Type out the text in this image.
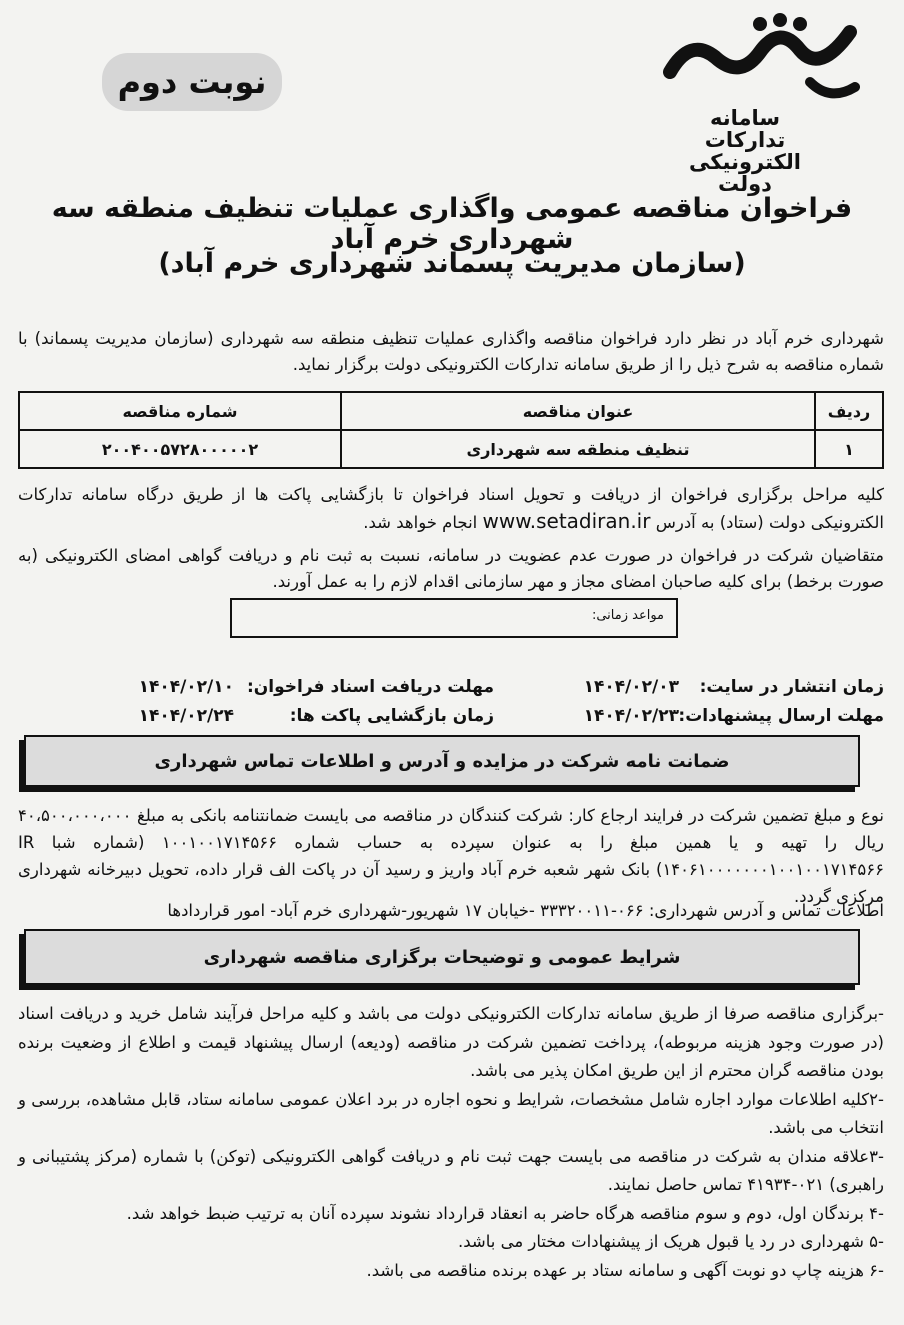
سامانه
تدارکات
الکترونیکی
دولت
نوبت دوم
فراخوان مناقصه عمومی واگذاری عملیات تنظیف منطقه سه شهرداری خرم آباد
(سازمان مدیریت پسماند شهرداری خرم آباد)
شهرداری خرم آباد در نظر دارد فراخوان مناقصه واگذاری عملیات تنظیف منطقه سه شهرداری (سازمان مدیریت پسماند) با شماره مناقصه به شرح ذیل را از طریق سامانه تدارکات الکترونیکی دولت برگزار نماید.
ردیف	عنوان مناقصه	شماره مناقصه
۱	تنظیف منطقه سه شهرداری	۲۰۰۴۰۰۵۷۲۸۰۰۰۰۰۲
کلیه مراحل برگزاری فراخوان از دریافت و تحویل اسناد فراخوان تا بازگشایی پاکت ها از طریق درگاه سامانه تدارکات الکترونیکی دولت (ستاد) به آدرس www.setadiran.ir انجام خواهد شد.
متقاضیان شرکت در فراخوان در صورت عدم عضویت در سامانه، نسبت به ثبت نام و دریافت گواهی امضای الکترونیکی (به صورت برخط) برای کلیه صاحبان امضای مجاز و مهر سازمانی اقدام لازم را به عمل آورند.
مواعد زمانی:
زمان انتشار در سایت:
۱۴۰۴/۰۲/۰۳
مهلت دریافت اسناد فراخوان:
۱۴۰۴/۰۲/۱۰
مهلت ارسال پیشنهادات:
۱۴۰۴/۰۲/۲۳
زمان بازگشایی پاکت ها:
۱۴۰۴/۰۲/۲۴
ضمانت نامه شرکت در مزایده و آدرس و اطلاعات تماس شهرداری
نوع و مبلغ تضمین شرکت در فرایند ارجاع کار: شرکت کنندگان در مناقصه می بایست ضمانتنامه بانکی به مبلغ ۴۰،۵۰۰،۰۰۰،۰۰۰ ریال را تهیه و یا همین مبلغ را به عنوان سپرده به حساب شماره ۱۰۰۱۰۰۱۷۱۴۵۶۶ (شماره شبا IR ۱۴۰۶۱۰۰۰۰۰۰۰۱۰۰۱۰۰۱۷۱۴۵۶۶) بانک شهر شعبه خرم آباد واریز و رسید آن در پاکت الف قرار داده، تحویل دبیرخانه شهرداری مرکزی گردد.
اطلاعات تماس و آدرس شهرداری: ۰۶۶-۳۳۳۲۰۰۱۱ -خیابان ۱۷ شهریور-شهرداری خرم آباد- امور قراردادها
شرایط عمومی و توضیحات برگزاری مناقصه شهرداری

-برگزاری مناقصه صرفا از طریق سامانه تدارکات الکترونیکی دولت می باشد و کلیه مراحل فرآیند شامل خرید و دریافت اسناد (در صورت وجود هزینه مربوطه)، پرداخت تضمین شرکت در مناقصه (ودیعه) ارسال پیشنهاد قیمت و اطلاع از وضعیت برنده بودن مناقصه گران محترم از این طریق امکان پذیر می باشد.

-۲کلیه اطلاعات موارد اجاره شامل مشخصات، شرایط و نحوه اجاره در برد اعلان عمومی سامانه ستاد، قابل مشاهده، بررسی و انتخاب می باشد.

-۳علاقه مندان به شرکت در مناقصه می بایست جهت ثبت نام و دریافت گواهی الکترونیکی (توکن) با شماره (مرکز پشتیبانی و راهبری) ۰۲۱-۴۱۹۳۴ تماس حاصل نمایند.

-۴ برندگان اول، دوم و سوم مناقصه هرگاه حاضر به انعقاد قرارداد نشوند سپرده آنان به ترتیب ضبط خواهد شد.

-۵ شهرداری در رد یا قبول هریک از پیشنهادات مختار می باشد.

-۶ هزینه چاپ دو نوبت آگهی و سامانه ستاد بر عهده برنده مناقصه می باشد.
